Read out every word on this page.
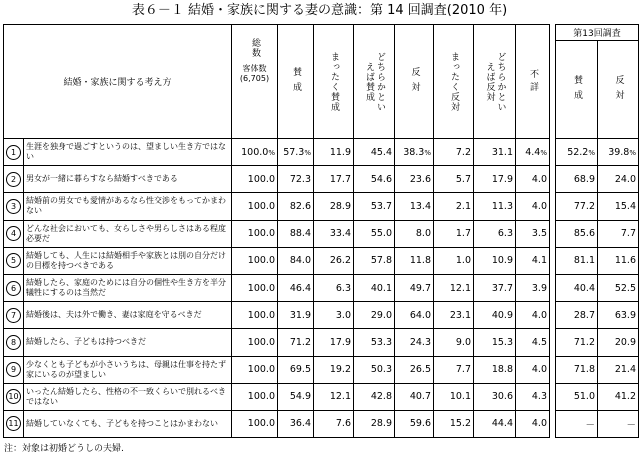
表６－１ 結婚・家族に関する妻の意識：第 14 回調査(2010 年)
結婚・家族に関する考え方		総数
客体数
(6,705)	賛成	まったく賛成	どちらかといえば賛成	反対	まったく反対	どちらかといえば反対	不詳		第13回調査	

											賛成	反対

1	生涯を独身で過ごすというのは、望ましい生き方ではない	100.0%	57.3%	11.9	45.4	38.3%	7.2	31.1	4.4%		52.2%	39.8%
2	男女が一緒に暮らすなら結婚すべきである	100.0	72.3	17.7	54.6	23.6	5.7	17.9	4.0		68.9	24.0
3	結婚前の男女でも愛情があるなら性交渉をもってかまわない	100.0	82.6	28.9	53.7	13.4	2.1	11.3	4.0		77.2	15.4
4	どんな社会においても、女らしさや男らしさはある程度必要だ	100.0	88.4	33.4	55.0	8.0	1.7	6.3	3.5		85.6	7.7
5	結婚しても、人生には結婚相手や家族とは別の自分だけの目標を持つべきである	100.0	84.0	26.2	57.8	11.8	1.0	10.9	4.1		81.1	11.6
6	結婚したら、家庭のためには自分の個性や生き方を半分犠牲にするのは当然だ	100.0	46.4	6.3	40.1	49.7	12.1	37.7	3.9		40.4	52.5
7	結婚後は、夫は外で働き、妻は家庭を守るべきだ	100.0	31.9	3.0	29.0	64.0	23.1	40.9	4.0		28.7	63.9
8	結婚したら、子どもは持つべきだ	100.0	71.2	17.9	53.3	24.3	9.0	15.3	4.5		71.2	20.9
9	少なくとも子どもが小さいうちは、母親は仕事を持たず家にいるのが望ましい	100.0	69.5	19.2	50.3	26.5	7.7	18.8	4.0		71.8	21.4
10	いったん結婚したら、性格の不一致くらいで別れるべきではない	100.0	54.9	12.1	42.8	40.7	10.1	30.6	4.3		51.0	41.2
11	結婚していなくても、子どもを持つことはかまわない	100.0	36.4	7.6	28.9	59.6	15.2	44.4	4.0		－	－
注：対象は初婚どうしの夫婦.
